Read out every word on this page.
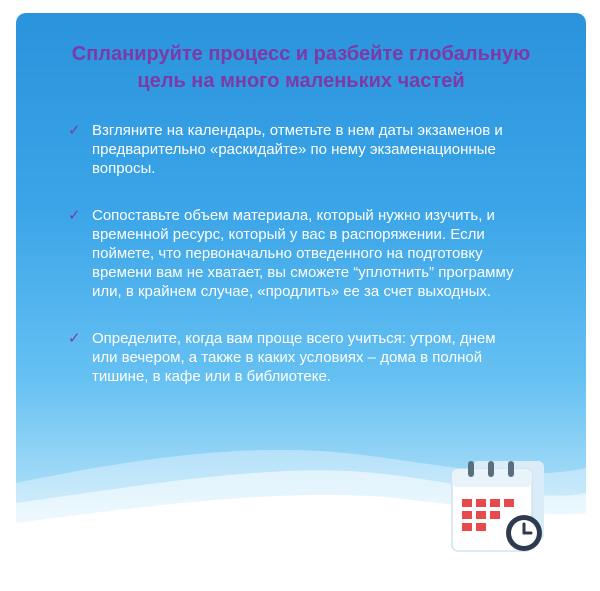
Спланируйте процесс и разбейте глобальную
цель на много маленьких частей
✓ Взгляните на календарь, отметьте в нем даты экзаменов и предварительно «раскидайте» по нему экзаменационные вопросы.
✓ Сопоставьте объем материала, который нужно изучить, и временной ресурс, который у вас в распоряжении. Если поймете, что первоначально отведенного на подготовку времени вам не хватает, вы сможете “уплотнить” программу или, в крайнем случае, «продлить» ее за счет выходных.
✓ Определите, когда вам проще всего учиться: утром, днем или вечером, а также в каких условиях – дома в полной тишине, в кафе или в библиотеке.
